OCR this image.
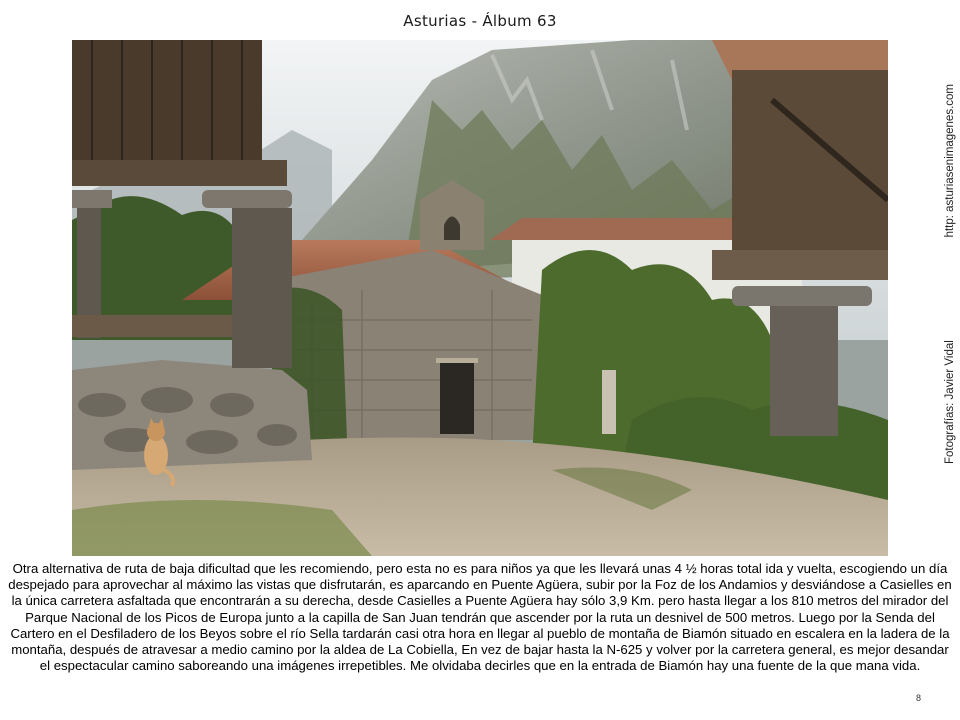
Asturias - Álbum 63
Fotografías: Javier Vidal
http: asturiasenimagenes.com
Otra alternativa de ruta de baja dificultad que les recomiendo, pero esta no es para niños ya que les llevará unas 4 ½ horas total ida y vuelta, escogiendo un día despejado para aprovechar al máximo las vistas que disfrutarán, es aparcando en Puente Agüera, subir por la Foz de los Andamios y desviándose a Casielles en la única carretera asfaltada que encontrarán a su derecha, desde Casielles a Puente Agüera hay sólo 3,9 Km. pero hasta llegar a los 810 metros del mirador del Parque Nacional de los Picos de Europa junto a la capilla de San Juan tendrán que ascender por la ruta un desnivel de 500 metros. Luego por la Senda del Cartero en el Desfiladero de los Beyos sobre el río Sella tardarán casi otra hora en llegar al pueblo de montaña de Biamón situado en escalera en la ladera de la montaña, después de atravesar a medio camino por la aldea de La Cobiella, En vez de bajar hasta la N-625 y volver por la carretera general, es mejor desandar el espectacular camino saboreando una imágenes irrepetibles. Me olvidaba decirles que en la entrada de Biamón hay una fuente de la que mana vida.
8
